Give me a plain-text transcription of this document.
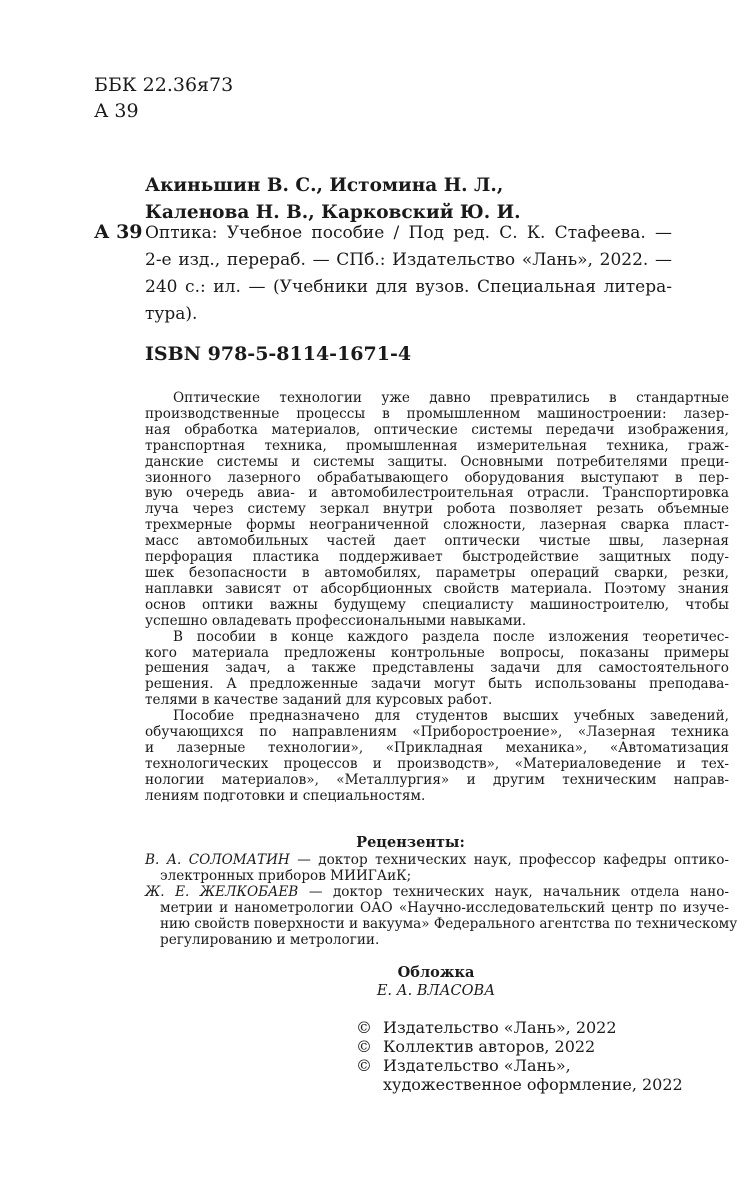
ББК 22.36я73
А 39
Акиньшин В. С., Истомина Н. Л.,
Каленова Н. В., Карковский Ю. И.
А 39 Оптика: Учебное пособие / Под ред. С. К. Стафеева. —
2-е изд., перераб. — СПб.: Издательство «Лань», 2022. —
240 с.: ил. — (Учебники для вузов. Специальная литера-
тура).
ISBN 978-5-8114-1671-4
Оптические технологии уже давно превратились в стандартные
производственные процессы в промышленном машиностроении: лазер-
ная обработка материалов, оптические системы передачи изображения,
транспортная техника, промышленная измерительная техника, граж-
данские системы и системы защиты. Основными потребителями преци-
зионного лазерного обрабатывающего оборудования выступают в пер-
вую очередь авиа- и автомобилестроительная отрасли. Транспортировка
луча через систему зеркал внутри робота позволяет резать объемные
трехмерные формы неограниченной сложности, лазерная сварка пласт-
масс автомобильных частей дает оптически чистые швы, лазерная
перфорация пластика поддерживает быстродействие защитных поду-
шек безопасности в автомобилях, параметры операций сварки, резки,
наплавки зависят от абсорбционных свойств материала. Поэтому знания
основ оптики важны будущему специалисту машиностроителю, чтобы
успешно овладевать профессиональными навыками.
В пособии в конце каждого раздела после изложения теоретичес-
кого материала предложены контрольные вопросы, показаны примеры
решения задач, а также представлены задачи для самостоятельного
решения. А предложенные задачи могут быть использованы преподава-
телями в качестве заданий для курсовых работ.
Пособие предназначено для студентов высших учебных заведений,
обучающихся по направлениям «Приборостроение», «Лазерная техника
и лазерные технологии», «Прикладная механика», «Автоматизация
технологических процессов и производств», «Материаловедение и тех-
нологии материалов», «Металлургия» и другим техническим направ-
лениям подготовки и специальностям.
Рецензенты:
В. А. СОЛОМАТИН — доктор технических наук, профессор кафедры оптико-
электронных приборов МИИГАиК;
Ж. Е. ЖЕЛКОБАЕВ — доктор технических наук, начальник отдела нано-
метрии и нанометрологии ОАО «Научно-исследовательский центр по изучe-
нию свойств поверхности и вакуума» Федерального агентства по техническому
регулированию и метрологии.
Обложка
Е. А. ВЛАСОВА
© Издательство «Лань», 2022
© Коллектив авторов, 2022
© Издательство «Лань»,
художественное оформление, 2022
